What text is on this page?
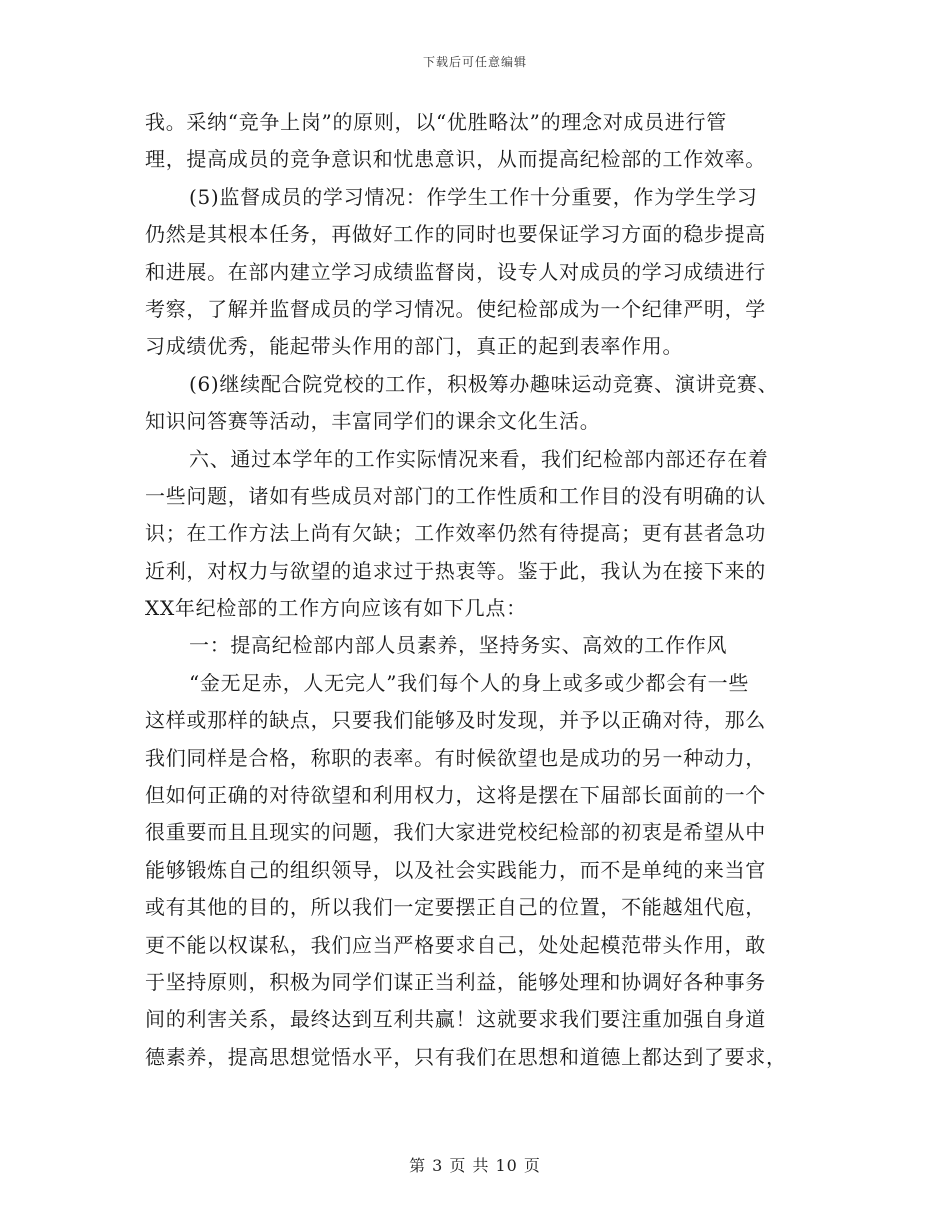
下载后可任意编辑
我。采纳“竞争上岗”的原则，以“优胜略汰”的理念对成员进行管
理，提高成员的竞争意识和忧患意识，从而提高纪检部的工作效率。
(5)监督成员的学习情况：作学生工作十分重要，作为学生学习
仍然是其根本任务，再做好工作的同时也要保证学习方面的稳步提高
和进展。在部内建立学习成绩监督岗，设专人对成员的学习成绩进行
考察，了解并监督成员的学习情况。使纪检部成为一个纪律严明，学
习成绩优秀，能起带头作用的部门，真正的起到表率作用。
(6)继续配合院党校的工作，积极筹办趣味运动竞赛、演讲竞赛、
知识问答赛等活动，丰富同学们的课余文化生活。
六、通过本学年的工作实际情况来看，我们纪检部内部还存在着
一些问题，诸如有些成员对部门的工作性质和工作目的没有明确的认
识；在工作方法上尚有欠缺；工作效率仍然有待提高；更有甚者急功
近利，对权力与欲望的追求过于热衷等。鉴于此，我认为在接下来的
XX年纪检部的工作方向应该有如下几点：
一：提高纪检部内部人员素养，坚持务实、高效的工作作风
“金无足赤，人无完人”我们每个人的身上或多或少都会有一些
这样或那样的缺点，只要我们能够及时发现，并予以正确对待，那么
我们同样是合格，称职的表率。有时候欲望也是成功的另一种动力，
但如何正确的对待欲望和利用权力，这将是摆在下届部长面前的一个
很重要而且且现实的问题，我们大家进党校纪检部的初衷是希望从中
能够锻炼自己的组织领导，以及社会实践能力，而不是单纯的来当官
或有其他的目的，所以我们一定要摆正自己的位置，不能越俎代庖，
更不能以权谋私，我们应当严格要求自己，处处起模范带头作用，敢
于坚持原则，积极为同学们谋正当利益，能够处理和协调好各种事务
间的利害关系，最终达到互利共赢！这就要求我们要注重加强自身道
德素养，提高思想觉悟水平，只有我们在思想和道德上都达到了要求，
第 3 页 共 10 页
